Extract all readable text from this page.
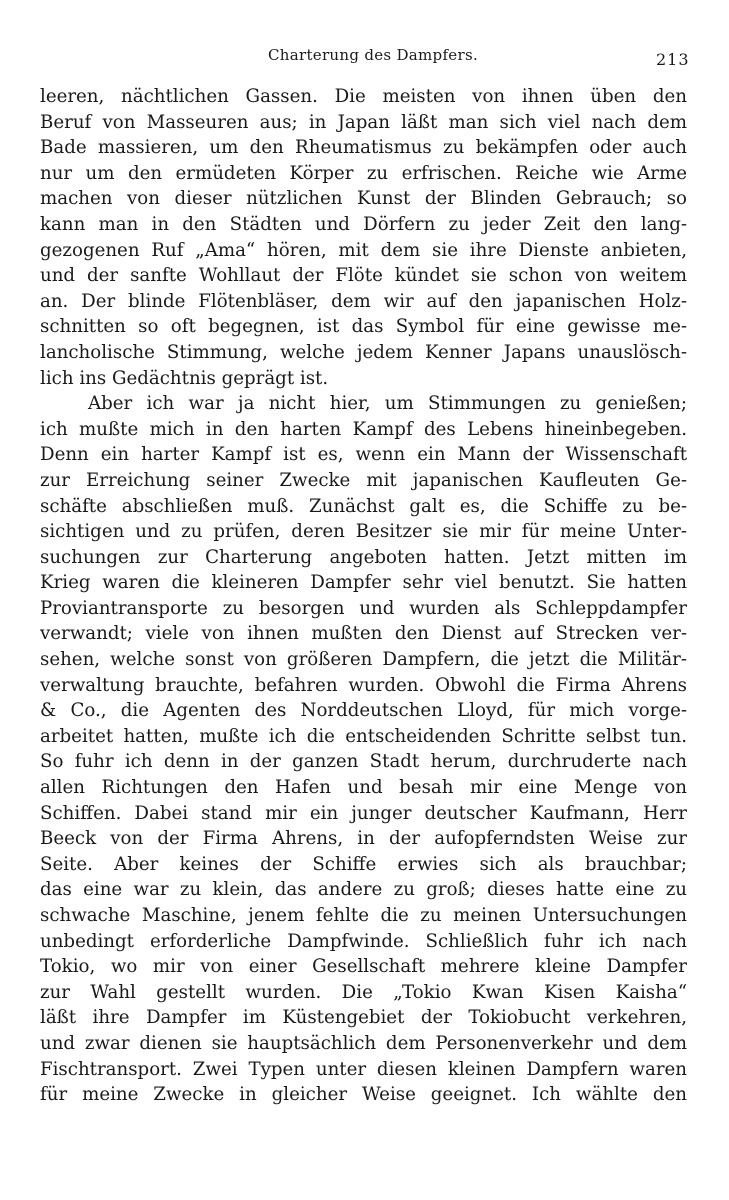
Charterung des Dampfers.	213
leeren, nächtlichen Gassen. Die meisten von ihnen üben den
Beruf von Masseuren aus; in Japan läßt man sich viel nach dem
Bade massieren, um den Rheumatismus zu bekämpfen oder auch
nur um den ermüdeten Körper zu erfrischen. Reiche wie Arme
machen von dieser nützlichen Kunst der Blinden Gebrauch; so
kann man in den Städten und Dörfern zu jeder Zeit den lang-
gezogenen Ruf „Ama“ hören, mit dem sie ihre Dienste anbieten,
und der sanfte Wohllaut der Flöte kündet sie schon von weitem
an. Der blinde Flötenbläser, dem wir auf den japanischen Holz-
schnitten so oft begegnen, ist das Symbol für eine gewisse me-
lancholische Stimmung, welche jedem Kenner Japans unauslösch-
lich ins Gedächtnis geprägt ist.
Aber ich war ja nicht hier, um Stimmungen zu genießen;
ich mußte mich in den harten Kampf des Lebens hineinbegeben.
Denn ein harter Kampf ist es, wenn ein Mann der Wissenschaft
zur Erreichung seiner Zwecke mit japanischen Kaufleuten Ge-
schäfte abschließen muß. Zunächst galt es, die Schiffe zu be-
sichtigen und zu prüfen, deren Besitzer sie mir für meine Unter-
suchungen zur Charterung angeboten hatten. Jetzt mitten im
Krieg waren die kleineren Dampfer sehr viel benutzt. Sie hatten
Proviantransporte zu besorgen und wurden als Schleppdampfer
verwandt; viele von ihnen mußten den Dienst auf Strecken ver-
sehen, welche sonst von größeren Dampfern, die jetzt die Militär-
verwaltung brauchte, befahren wurden. Obwohl die Firma Ahrens
& Co., die Agenten des Norddeutschen Lloyd, für mich vorge-
arbeitet hatten, mußte ich die entscheidenden Schritte selbst tun.
So fuhr ich denn in der ganzen Stadt herum, durchruderte nach
allen Richtungen den Hafen und besah mir eine Menge von
Schiffen. Dabei stand mir ein junger deutscher Kaufmann, Herr
Beeck von der Firma Ahrens, in der aufopferndsten Weise zur
Seite. Aber keines der Schiffe erwies sich als brauchbar;
das eine war zu klein, das andere zu groß; dieses hatte eine zu
schwache Maschine, jenem fehlte die zu meinen Untersuchungen
unbedingt erforderliche Dampfwinde. Schließlich fuhr ich nach
Tokio, wo mir von einer Gesellschaft mehrere kleine Dampfer
zur Wahl gestellt wurden. Die „Tokio Kwan Kisen Kaisha“
läßt ihre Dampfer im Küstengebiet der Tokiobucht verkehren,
und zwar dienen sie hauptsächlich dem Personenverkehr und dem
Fischtransport. Zwei Typen unter diesen kleinen Dampfern waren
für meine Zwecke in gleicher Weise geeignet. Ich wählte den
